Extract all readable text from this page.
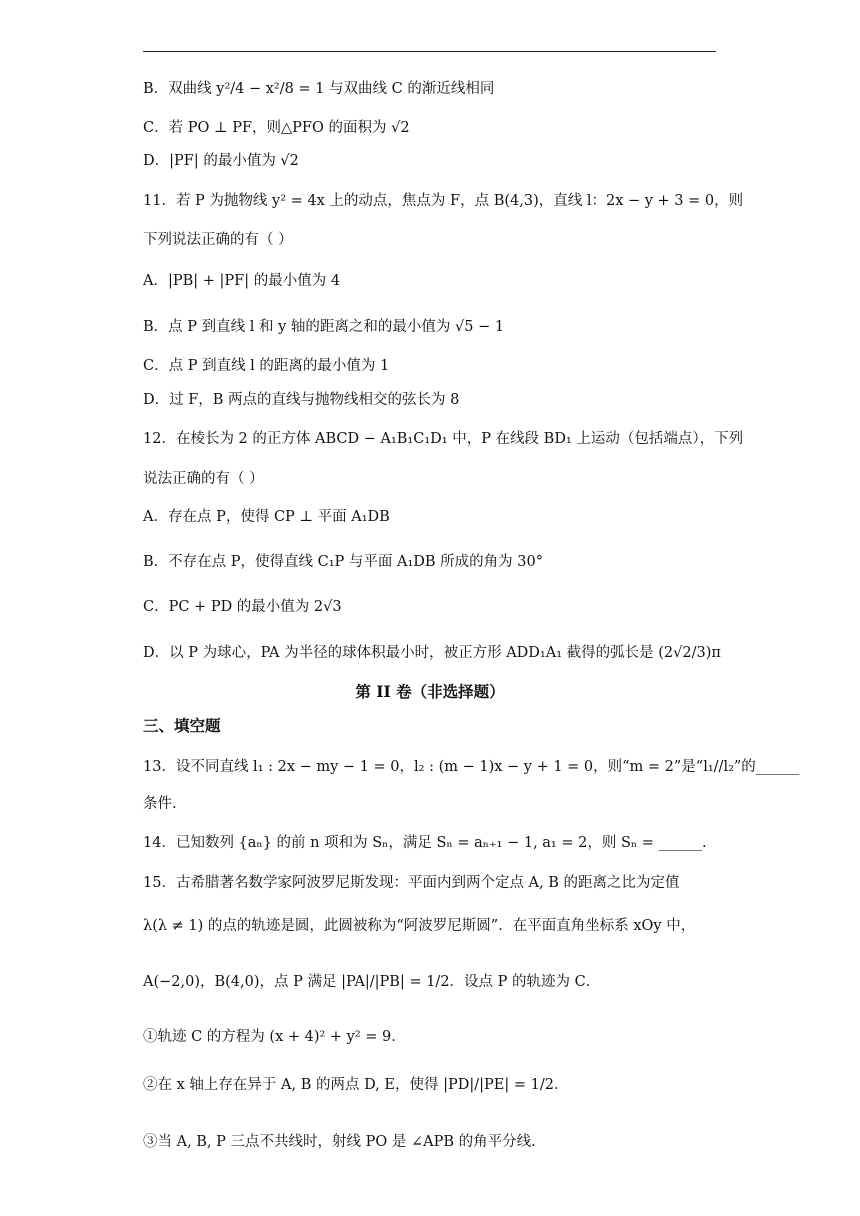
B．双曲线 y²/4 − x²/8 = 1 与双曲线 C 的渐近线相同
C．若 PO ⊥ PF，则△PFO 的面积为 √2
D．|PF| 的最小值为 √2
11．若 P 为抛物线 y² = 4x 上的动点，焦点为 F，点 B(4,3)，直线 l：2x − y + 3 = 0，则
下列说法正确的有（ ）
A．|PB| + |PF| 的最小值为 4
B．点 P 到直线 l 和 y 轴的距离之和的最小值为 √5 − 1
C．点 P 到直线 l 的距离的最小值为 1
D．过 F，B 两点的直线与抛物线相交的弦长为 8
12．在棱长为 2 的正方体 ABCD − A₁B₁C₁D₁ 中，P 在线段 BD₁ 上运动（包括端点），下列
说法正确的有（ ）
A．存在点 P，使得 CP ⊥ 平面 A₁DB
B．不存在点 P，使得直线 C₁P 与平面 A₁DB 所成的角为 30°
C．PC + PD 的最小值为 2√3
D．以 P 为球心，PA 为半径的球体积最小时，被正方形 ADD₁A₁ 截得的弧长是 (2√2/3)π
第 II 卷（非选择题）
三、填空题
13．设不同直线 l₁ : 2x − my − 1 = 0，l₂ : (m − 1)x − y + 1 = 0，则“m = 2”是“l₁//l₂”的______
条件.
14．已知数列 {aₙ} 的前 n 项和为 Sₙ，满足 Sₙ = aₙ₊₁ − 1, a₁ = 2，则 Sₙ = ______.
15．古希腊著名数学家阿波罗尼斯发现：平面内到两个定点 A, B 的距离之比为定值
λ(λ ≠ 1) 的点的轨迹是圆，此圆被称为“阿波罗尼斯圆”．在平面直角坐标系 xOy 中，
A(−2,0)，B(4,0)，点 P 满足 |PA|/|PB| = 1/2．设点 P 的轨迹为 C．
①轨迹 C 的方程为 (x + 4)² + y² = 9．
②在 x 轴上存在异于 A, B 的两点 D, E，使得 |PD|/|PE| = 1/2．
③当 A, B, P 三点不共线时，射线 PO 是 ∠APB 的角平分线.
